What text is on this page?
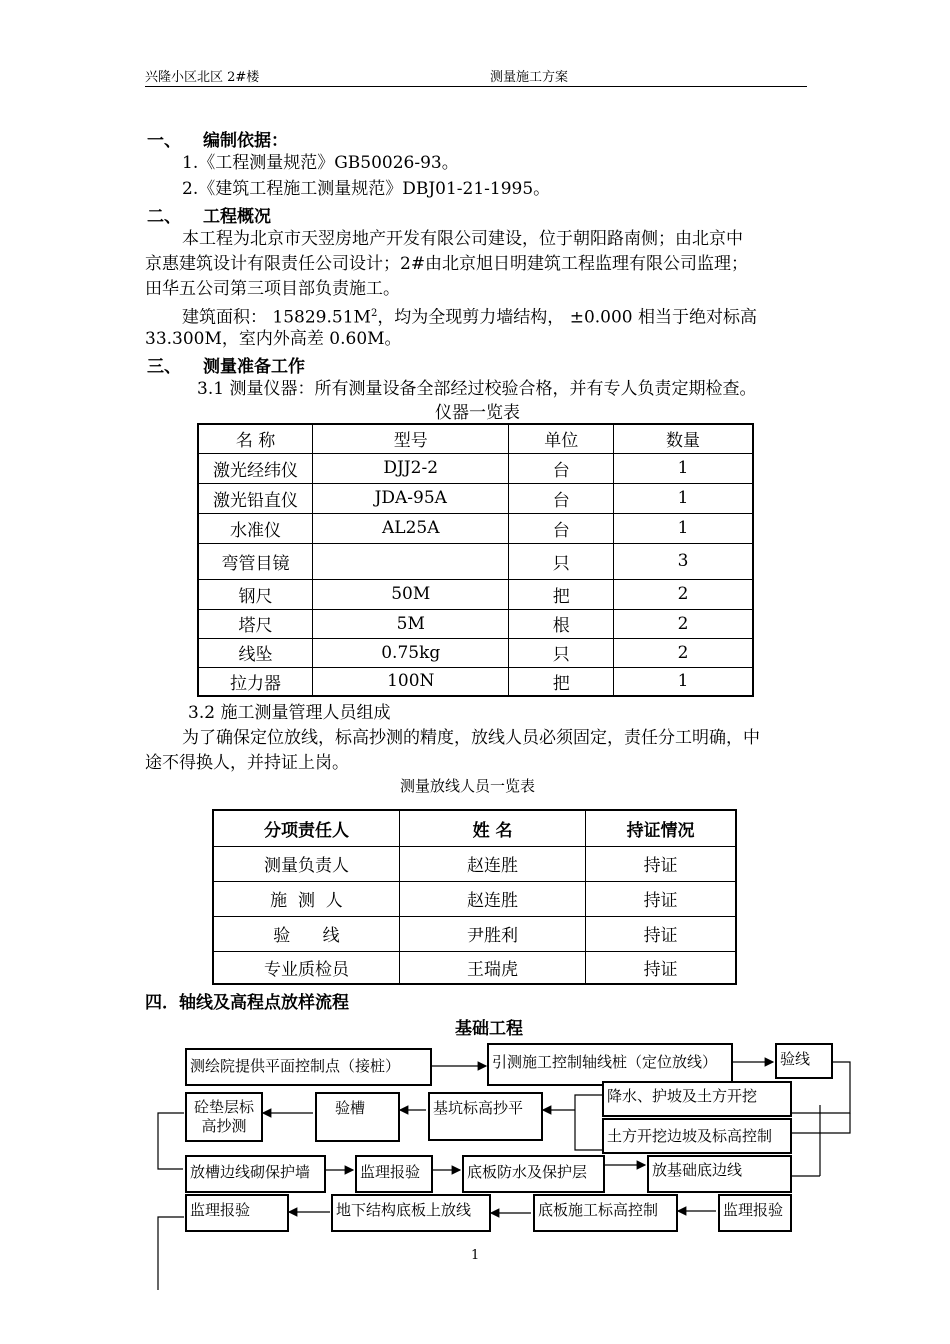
兴隆小区北区 2#楼	测量施工方案
一、 编制依据：
1.《工程测量规范》GB50026-93。
2.《建筑工程施工测量规范》DBJ01-21-1995。
二、 工程概况
本工程为北京市天翌房地产开发有限公司建设，位于朝阳路南侧；由北京中
京惠建筑设计有限责任公司设计；2#由北京旭日明建筑工程监理有限公司监理；
田华五公司第三项目部负责施工。
建筑面积： $15829.51M^2$，均为全现剪力墙结构， ±0.000 相当于绝对标高
33.300M，室内外高差 0.60M。
三、 测量准备工作
3.1 测量仪器：所有测量设备全部经过校验合格，并有专人负责定期检查。
仪器一览表
名 称	型号	单位	数量
激光经纬仪	DJJ2-2	台	1
激光铅直仪	JDA-95A	台	1
水准仪	AL25A	台	1
弯管目镜		只	3
钢尺	50M	把	2
塔尺	5M	根	2
线坠	0.75kg	只	2
拉力器	100N	把	1
3.2 施工测量管理人员组成
为了确保定位放线，标高抄测的精度，放线人员必须固定，责任分工明确，中
途不得换人，并持证上岗。
测量放线人员一览表
分项责任人	姓 名	持证情况
测量负责人	赵连胜	持证
施  测  人	赵连胜	持证
验      线	尹胜利	持证
专业质检员	王瑞虎	持证
四．轴线及高程点放样流程
基础工程
测绘院提供平面控制点（接桩）	引测施工控制轴线桩（定位放线）	验线
降水、护坡及土方开挖
土方开挖边坡及标高控制
基坑标高抄平
验槽
砼垫层标高抄测
放槽边线砌保护墙	监理报验	底板防水及保护层	放基础底边线
监理报验
底板施工标高控制
地下结构底板上放线
监理报验
1
